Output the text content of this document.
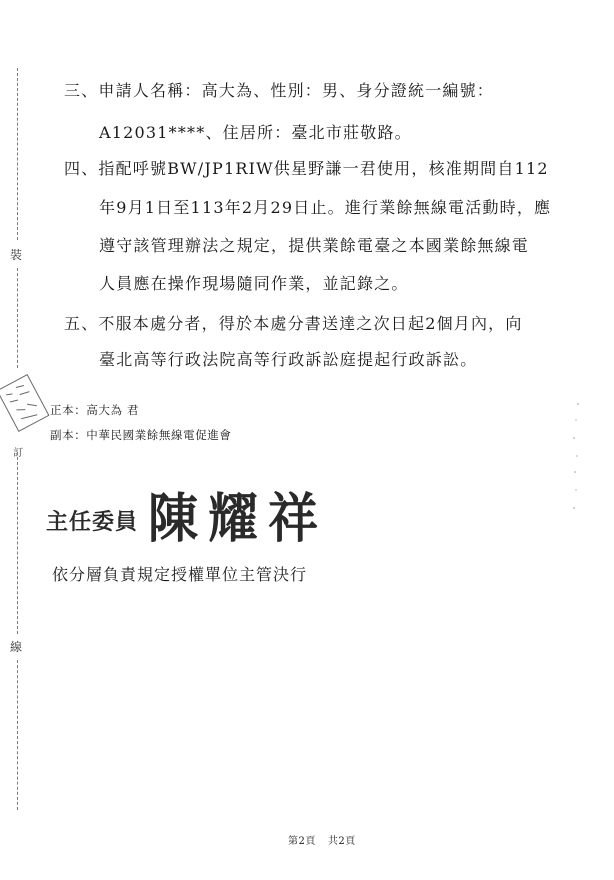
裝
訂
線
三、申請人名稱：高大為、性別：男、身分證統一編號：
A12031****、住居所：臺北市莊敬路。
四、指配呼號BW/JP1RIW供星野謙一君使用，核准期間自112
年9月1日至113年2月29日止。進行業餘無線電活動時，應
遵守該管理辦法之規定，提供業餘電臺之本國業餘無線電
人員應在操作現場隨同作業，並記錄之。
五、不服本處分者，得於本處分書送達之次日起2個月內，向
臺北高等行政法院高等行政訴訟庭提起行政訴訟。
正本：高大為 君
副本：中華民國業餘無線電促進會
主任委員 陳耀祥
依分層負責規定授權單位主管決行
第2頁 共2頁
